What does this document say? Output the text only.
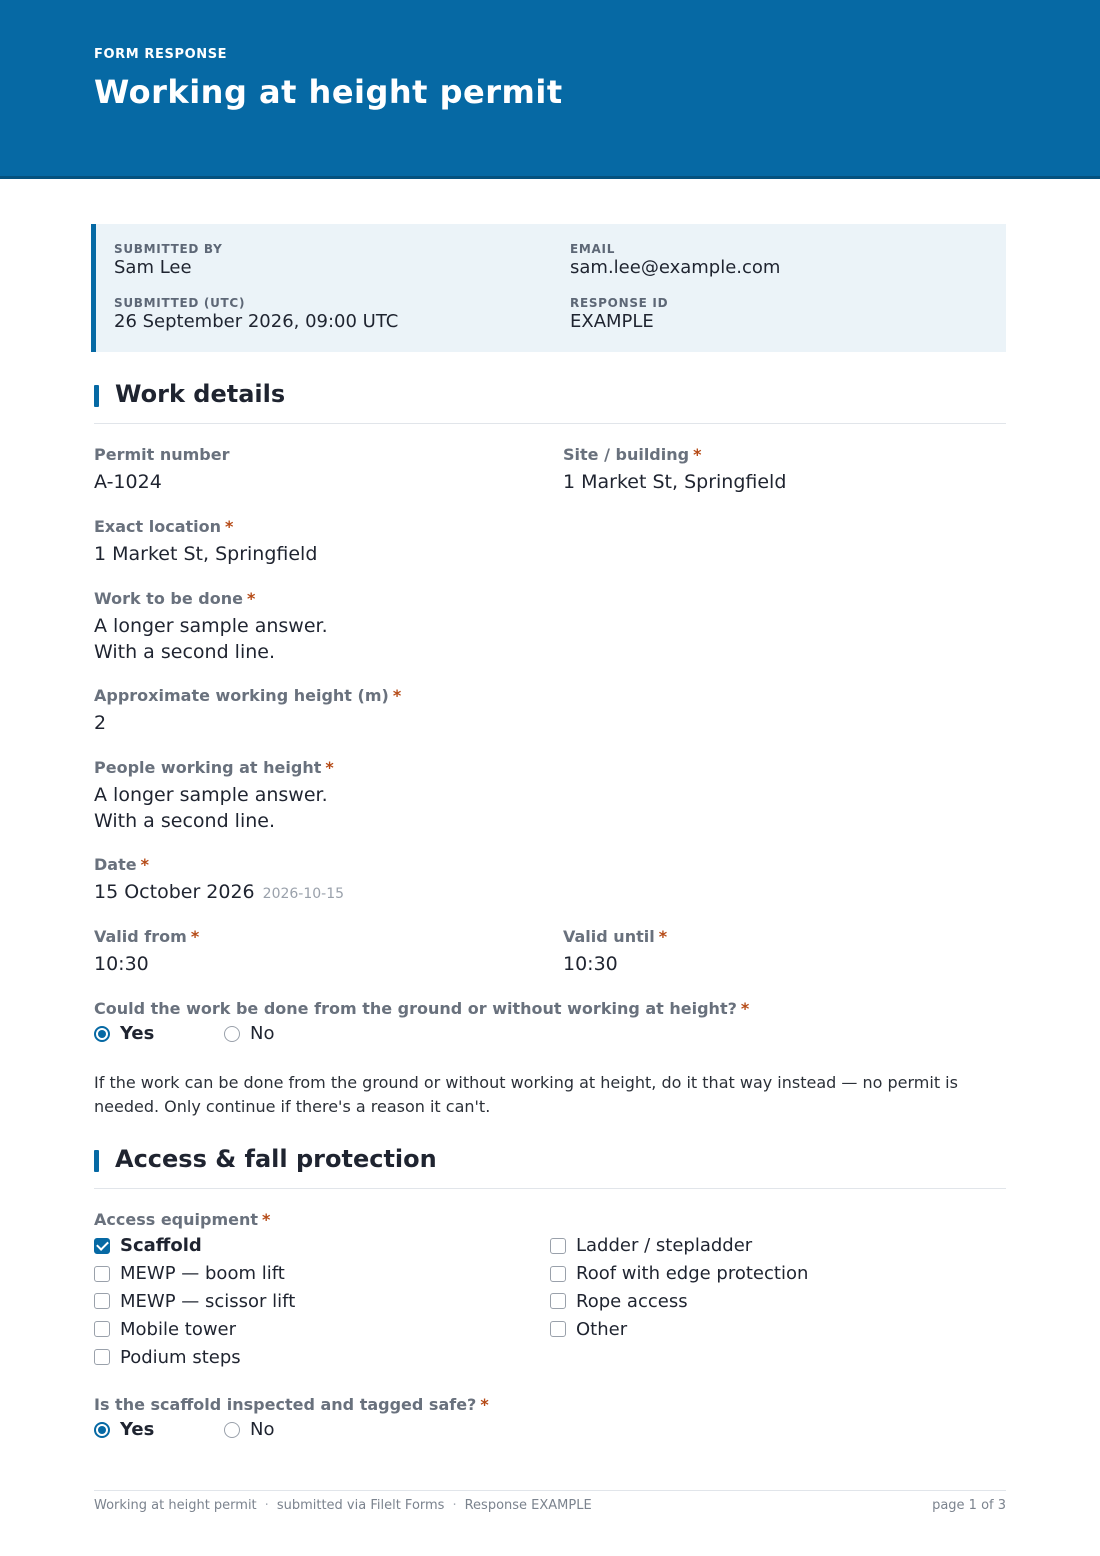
FORM RESPONSE
Working at height permit
SUBMITTED BY
Sam Lee
EMAIL
sam.lee@example.com
SUBMITTED (UTC)
26 September 2026, 09:00 UTC
RESPONSE ID
EXAMPLE
Work details
Permit number
A-1024
Site / building *
1 Market St, Springfield
Exact location *
1 Market St, Springfield
Work to be done *
A longer sample answer.
With a second line.
Approximate working height (m) *
2
People working at height *
A longer sample answer.
With a second line.
Date *
15 October 2026 2026-10-15
Valid from *
10:30
Valid until *
10:30
Could the work be done from the ground or without working at height? *
Yes	No
If the work can be done from the ground or without working at height, do it that way instead — no permit is needed. Only continue if there's a reason it can't.
Access & fall protection
Access equipment *
Scaffold
MEWP — boom lift
MEWP — scissor lift
Mobile tower
Podium steps
Ladder / stepladder
Roof with edge protection
Rope access
Other
Is the scaffold inspected and tagged safe? *
Yes	No
Working at height permit · submitted via Filelt Forms · Response EXAMPLE	page 1 of 3
